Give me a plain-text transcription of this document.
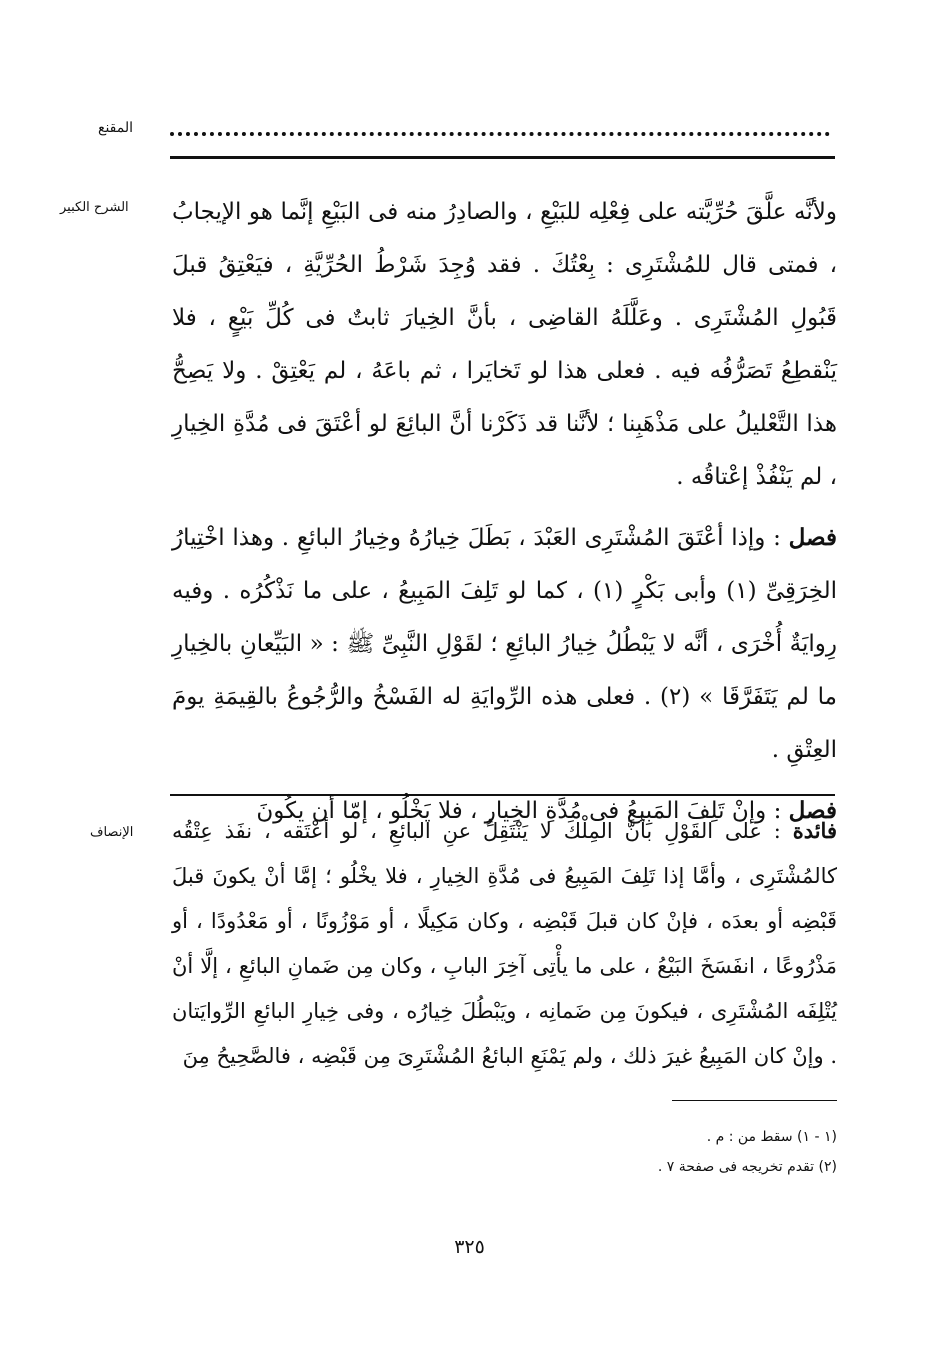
المقنع
الشرح الكبير ولأنَّه علَّقَ حُرِّيَّته على فِعْلِه للبَيْعِ ، والصادِرُ منه فى البَيْعِ إنَّما هو الإيجابُ ، فمتى قال للمُشْتَرِى : بِعْتُكَ . فقد وُجِدَ شَرْطُ الحُرِّيَّةِ ، فيَعْتِقُ قبلَ قَبُولِ المُشْتَرِى . وعَلَّلَهُ القاضِى ، بأنَّ الخِيارَ ثابتٌ فى كُلِّ بَيْعٍ ، فلا يَنْقطِعُ تَصَرُّفُه فيه . فعلى هذا لو تَخايَرا ، ثم باعَهُ ، لم يَعْتِقْ . ولا يَصِحُّ هذا التَّعْليلُ على مَذْهَبِنا ؛ لأنَّنا قد ذَكَرْنا أنَّ البائِعَ لو أعْتَقَ فى مُدَّةِ الخِيارِ ، لم يَنْفُذْ إعْتاقُه .

فصل : وإذا أعْتَقَ المُشْتَرِى العَبْدَ ، بَطَلَ خِيارُهُ وخِيارُ البائعِ . وهذا اخْتِيارُ الخِرَقِىِّ (١) وأبى بَكْرٍ (١) ، كما لو تَلِفَ المَبِيعُ ، على ما نَذْكُرُه . وفيه رِوايَةٌ أُخْرَى ، أنَّه لا يَبْطُلُ خِيارُ البائِعِ ؛ لقَوْلِ النَّبِىِّ ﷺ : « البَيِّعانِ بالخِيارِ ما لم يَتَفَرَّقَا » (٢) . فعلى هذه الرِّوايَةِ له الفَسْخُ والرُّجُوعُ بالقِيمَةِ يومَ العِتْقِ .

فصل : وإنْ تَلِفَ المَبِيعُ فى مُدَّةِ الخِيارِ ، فلا يَخْلُو ، إمّا أن يكُونَ

الإنصاف	فائدة : على القَوْلِ بأنَّ المِلْكَ لا يَنْتَقِلُ عنِ البائعِ ، لو أعْتَقه ، نفَذ عِتْقُه كالمُشْتَرِى ، وأمَّا إذا تَلِفَ المَبِيعُ فى مُدَّةِ الخِيارِ ، فلا يخْلُو ؛ إمَّا أنْ يكونَ قبلَ قَبْضِه أو بعدَه ، فإنْ كان قبلَ قَبْضِه ، وكان مَكِيلًا ، أو مَوْزُونًا ، أو مَعْدُودًا ، أو مَذْرُوعًا ، انفَسَخَ البَيْعُ ، على ما يأْتِى آخِرَ البابِ ، وكان مِن ضَمانِ البائعِ ، إلَّا أنْ يُتْلِفَه المُشْتَرِى ، فيكونَ مِن ضَمانِه ، ويَبْطُلَ خِيارُه ، وفى خِيارِ البائعِ الرِّوايَتان . وإنْ كان المَبِيعُ غيرَ ذلك ، ولم يَمْنَعِ البائعُ المُشْتَرِىَ مِن قَبْضِه ، فالصَّحِيحُ مِنَ

(١ - ١) سقط من : م .
(٢) تقدم تخريجه فى صفحة ٧ .
٣٢٥
